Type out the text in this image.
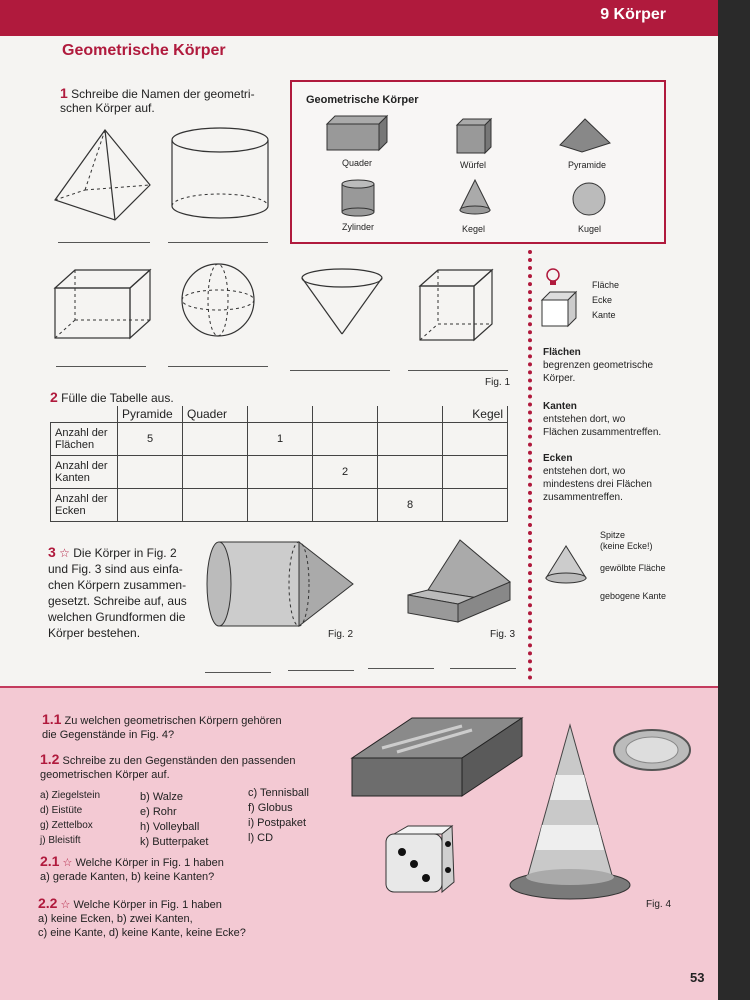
9 Körper
Geometrische Körper
1 Schreibe die Namen der geometri-
schen Körper auf.
Fig. 1
Geometrische Körper
Quader	Würfel	Pyramide
Zylinder	Kegel	Kugel
2 Fülle die Tabelle aus.
	Pyramide	Quader				Kegel
Anzahl der
Flächen	5		1			
Anzahl der
Kanten				2		
Anzahl der
Ecken					8	
3 ☆ Die Körper in Fig. 2
und Fig. 3 sind aus einfa-
chen Körpern zusammen-
gesetzt. Schreibe auf, aus
welchen Grundformen die
Körper bestehen.	Fig. 2	Fig. 3
Fläche
Ecke
Kante
Flächen
begrenzen geometrische
Körper.
Kanten
entstehen dort, wo
Flächen zusammentreffen.
Ecken
entstehen dort, wo
mindestens drei Flächen
zusammentreffen.
Spitze
(keine Ecke!)
gewölbte Fläche
gebogene Kante
1.1 Zu welchen geometrischen Körpern gehören
die Gegenstände in Fig. 4?
1.2 Schreibe zu den Gegenständen den passenden
geometrischen Körper auf.
a) Ziegelstein
d) Eistüte
g) Zettelbox
j) Bleistift
b) Walze
e) Rohr
h) Volleyball
k) Butterpaket
c) Tennisball
f) Globus
i) Postpaket
l) CD
2.1 ☆ Welche Körper in Fig. 1 haben
a) gerade Kanten, b) keine Kanten?
2.2 ☆ Welche Körper in Fig. 1 haben
a) keine Ecken, b) zwei Kanten,
c) eine Kante, d) keine Kante, keine Ecke?
Fig. 4
53
